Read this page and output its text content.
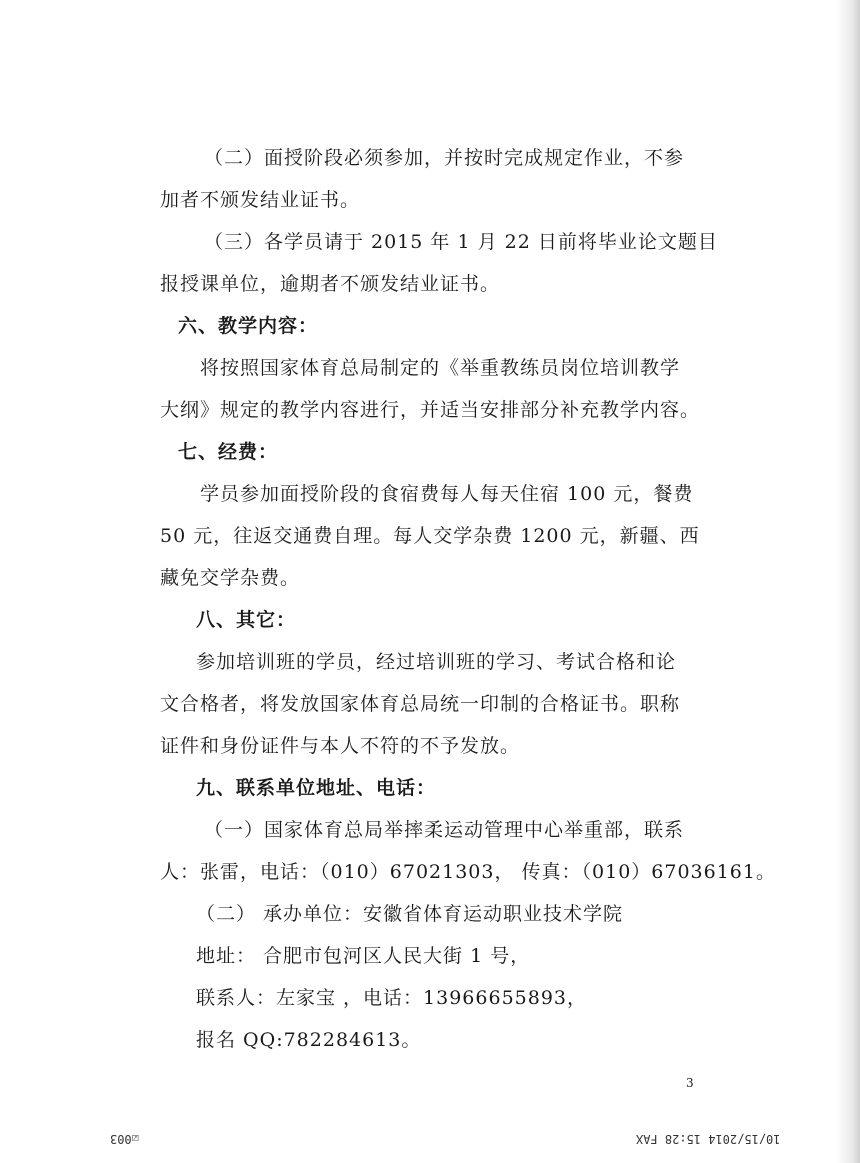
（二）面授阶段必须参加，并按时完成规定作业，不参
加者不颁发结业证书。
（三）各学员请于 2015 年 1 月 22 日前将毕业论文题目
报授课单位，逾期者不颁发结业证书。
六、教学内容：
将按照国家体育总局制定的《举重教练员岗位培训教学
大纲》规定的教学内容进行，并适当安排部分补充教学内容。
七、经费：
学员参加面授阶段的食宿费每人每天住宿 100 元，餐费
50 元，往返交通费自理。每人交学杂费 1200 元，新疆、西
藏免交学杂费。
八、其它：
参加培训班的学员，经过培训班的学习、考试合格和论
文合格者，将发放国家体育总局统一印制的合格证书。职称
证件和身份证件与本人不符的不予发放。
九、联系单位地址、电话：
（一）国家体育总局举摔柔运动管理中心举重部，联系
人：张雷，电话：（010）67021303， 传真：（010）67036161。
（二） 承办单位：安徽省体育运动职业技术学院
地址： 合肥市包河区人民大街 1 号，
联系人：左家宝 ，电话：13966655893，
报名 QQ:782284613。
3
☑003	10/15/2014 15:28 FAX
